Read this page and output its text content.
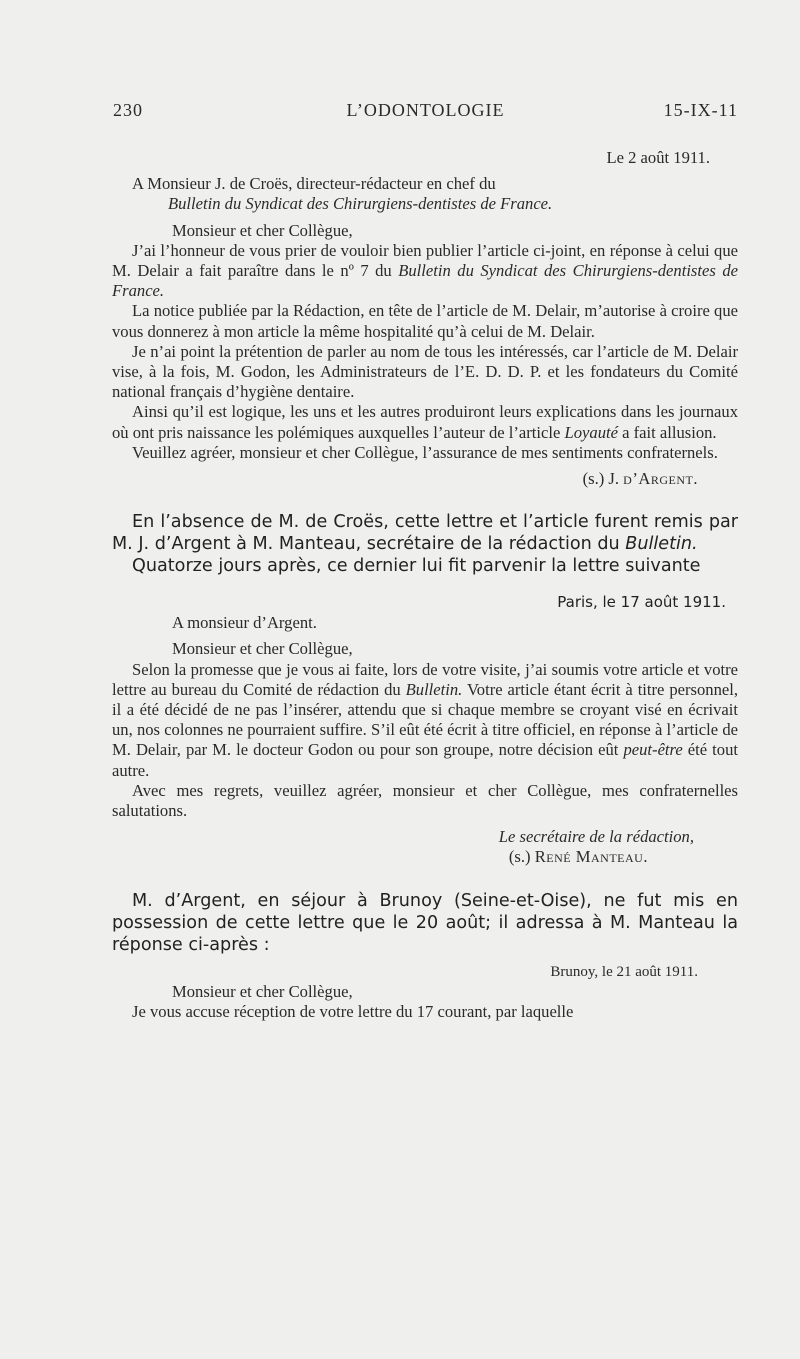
230	L’ODONTOLOGIE	15-IX-11

Le 2 août 1911.

A Monsieur J. de Croës, directeur-rédacteur en chef du
Bulletin du Syndicat des Chirurgiens-dentistes de France.

Monsieur et cher Collègue,

J’ai l’honneur de vous prier de vouloir bien publier l’article ci-joint, en réponse à celui que M. Delair a fait paraître dans le nº 7 du Bulletin du Syndicat des Chirurgiens-dentistes de France.

La notice publiée par la Rédaction, en tête de l’article de M. Delair, m’autorise à croire que vous donnerez à mon article la même hospitalité qu’à celui de M. Delair.

Je n’ai point la prétention de parler au nom de tous les intéressés, car l’article de M. Delair vise, à la fois, M. Godon, les Administrateurs de l’E. D. D. P. et les fondateurs du Comité national français d’hygiène dentaire.

Ainsi qu’il est logique, les uns et les autres produiront leurs explications dans les journaux où ont pris naissance les polémiques auxquelles l’auteur de l’article Loyauté a fait allusion.

Veuillez agréer, monsieur et cher Collègue, l’assurance de mes sentiments confraternels.

(s.) J. d’Argent.

En l’absence de M. de Croës, cette lettre et l’article furent remis par M. J. d’Argent à M. Manteau, secrétaire de la rédaction du Bulletin.

Quatorze jours après, ce dernier lui fit parvenir la lettre suivante

Paris, le 17 août 1911.

A monsieur d’Argent.

Monsieur et cher Collègue,

Selon la promesse que je vous ai faite, lors de votre visite, j’ai soumis votre article et votre lettre au bureau du Comité de rédaction du Bulletin. Votre article étant écrit à titre personnel, il a été décidé de ne pas l’insérer, attendu que si chaque membre se croyant visé en écrivait un, nos colonnes ne pourraient suffire. S’il eût été écrit à titre officiel, en réponse à l’article de M. Delair, par M. le docteur Godon ou pour son groupe, notre décision eût peut-être été tout autre.

Avec mes regrets, veuillez agréer, monsieur et cher Collègue, mes confraternelles salutations.

Le secrétaire de la rédaction,

(s.) René Manteau.

M. d’Argent, en séjour à Brunoy (Seine-et-Oise), ne fut mis en possession de cette lettre que le 20 août; il adressa à M. Manteau la réponse ci-après :

Brunoy, le 21 août 1911.

Monsieur et cher Collègue,

Je vous accuse réception de votre lettre du 17 courant, par laquelle
